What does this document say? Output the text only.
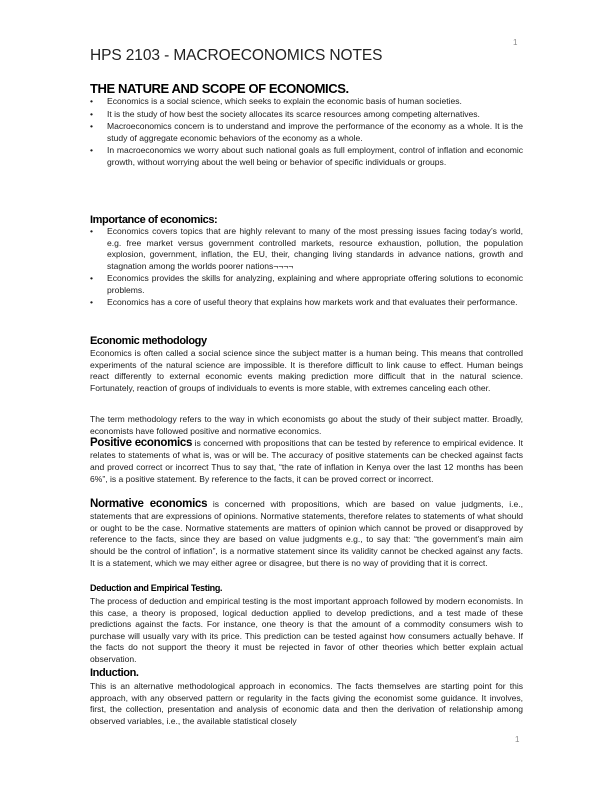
1
HPS 2103 - MACROECONOMICS NOTES
THE NATURE AND SCOPE OF ECONOMICS.
• Economics is a social science, which seeks to explain the economic basis of human societies.
• It is the study of how best the society allocates its scarce resources among competing alternatives.
• Macroeconomics concern is to understand and improve the performance of the economy as a whole. It is the study of aggregate economic behaviors of the economy as a whole.
• In macroeconomics we worry about such national goals as full employment, control of inflation and economic growth, without worrying about the well being or behavior of specific individuals or groups.
Importance of economics:
• Economics covers topics that are highly relevant to many of the most pressing issues facing today’s world, e.g. free market versus government controlled markets, resource exhaustion, pollution, the population explosion, government, inflation, the EU, their, changing living standards in advance nations, growth and stagnation among the worlds poorer nations¬¬¬¬
• Economics provides the skills for analyzing, explaining and where appropriate offering solutions to economic problems.
• Economics has a core of useful theory that explains how markets work and that evaluates their performance.
Economic methodology
Economics is often called a social science since the subject matter is a human being. This means that controlled experiments of the natural science are impossible. It is therefore difficult to link cause to effect. Human beings react differently to external economic events making prediction more difficult that in the natural science. Fortunately, reaction of groups of individuals to events is more stable, with extremes canceling each other.
The term methodology refers to the way in which economists go about the study of their subject matter. Broadly, economists have followed positive and normative economics.
Positive economics is concerned with propositions that can be tested by reference to empirical evidence. It relates to statements of what is, was or will be. The accuracy of positive statements can be checked against facts and proved correct or incorrect Thus to say that, “the rate of inflation in Kenya over the last 12 months has been 6%”, is a positive statement. By reference to the facts, it can be proved correct or incorrect.
Normative economics is concerned with propositions, which are based on value judgments, i.e., statements that are expressions of opinions. Normative statements, therefore relates to statements of what should or ought to be the case. Normative statements are matters of opinion which cannot be proved or disapproved by reference to the facts, since they are based on value judgments e.g., to say that: “the government’s main aim should be the control of inflation”, is a normative statement since its validity cannot be checked against any facts. It is a statement, which we may either agree or disagree, but there is no way of providing that it is correct.
Deduction and Empirical Testing.
The process of deduction and empirical testing is the most important approach followed by modern economists. In this case, a theory is proposed, logical deduction applied to develop predictions, and a test made of these predictions against the facts. For instance, one theory is that the amount of a commodity consumers wish to purchase will usually vary with its price. This prediction can be tested against how consumers actually behave. If the facts do not support the theory it must be rejected in favor of other theories which better explain actual observation.
Induction.
This is an alternative methodological approach in economics. The facts themselves are starting point for this approach, with any observed pattern or regularity in the facts giving the economist some guidance. It involves, first, the collection, presentation and analysis of economic data and then the derivation of relationship among observed variables, i.e., the available statistical closely
1
